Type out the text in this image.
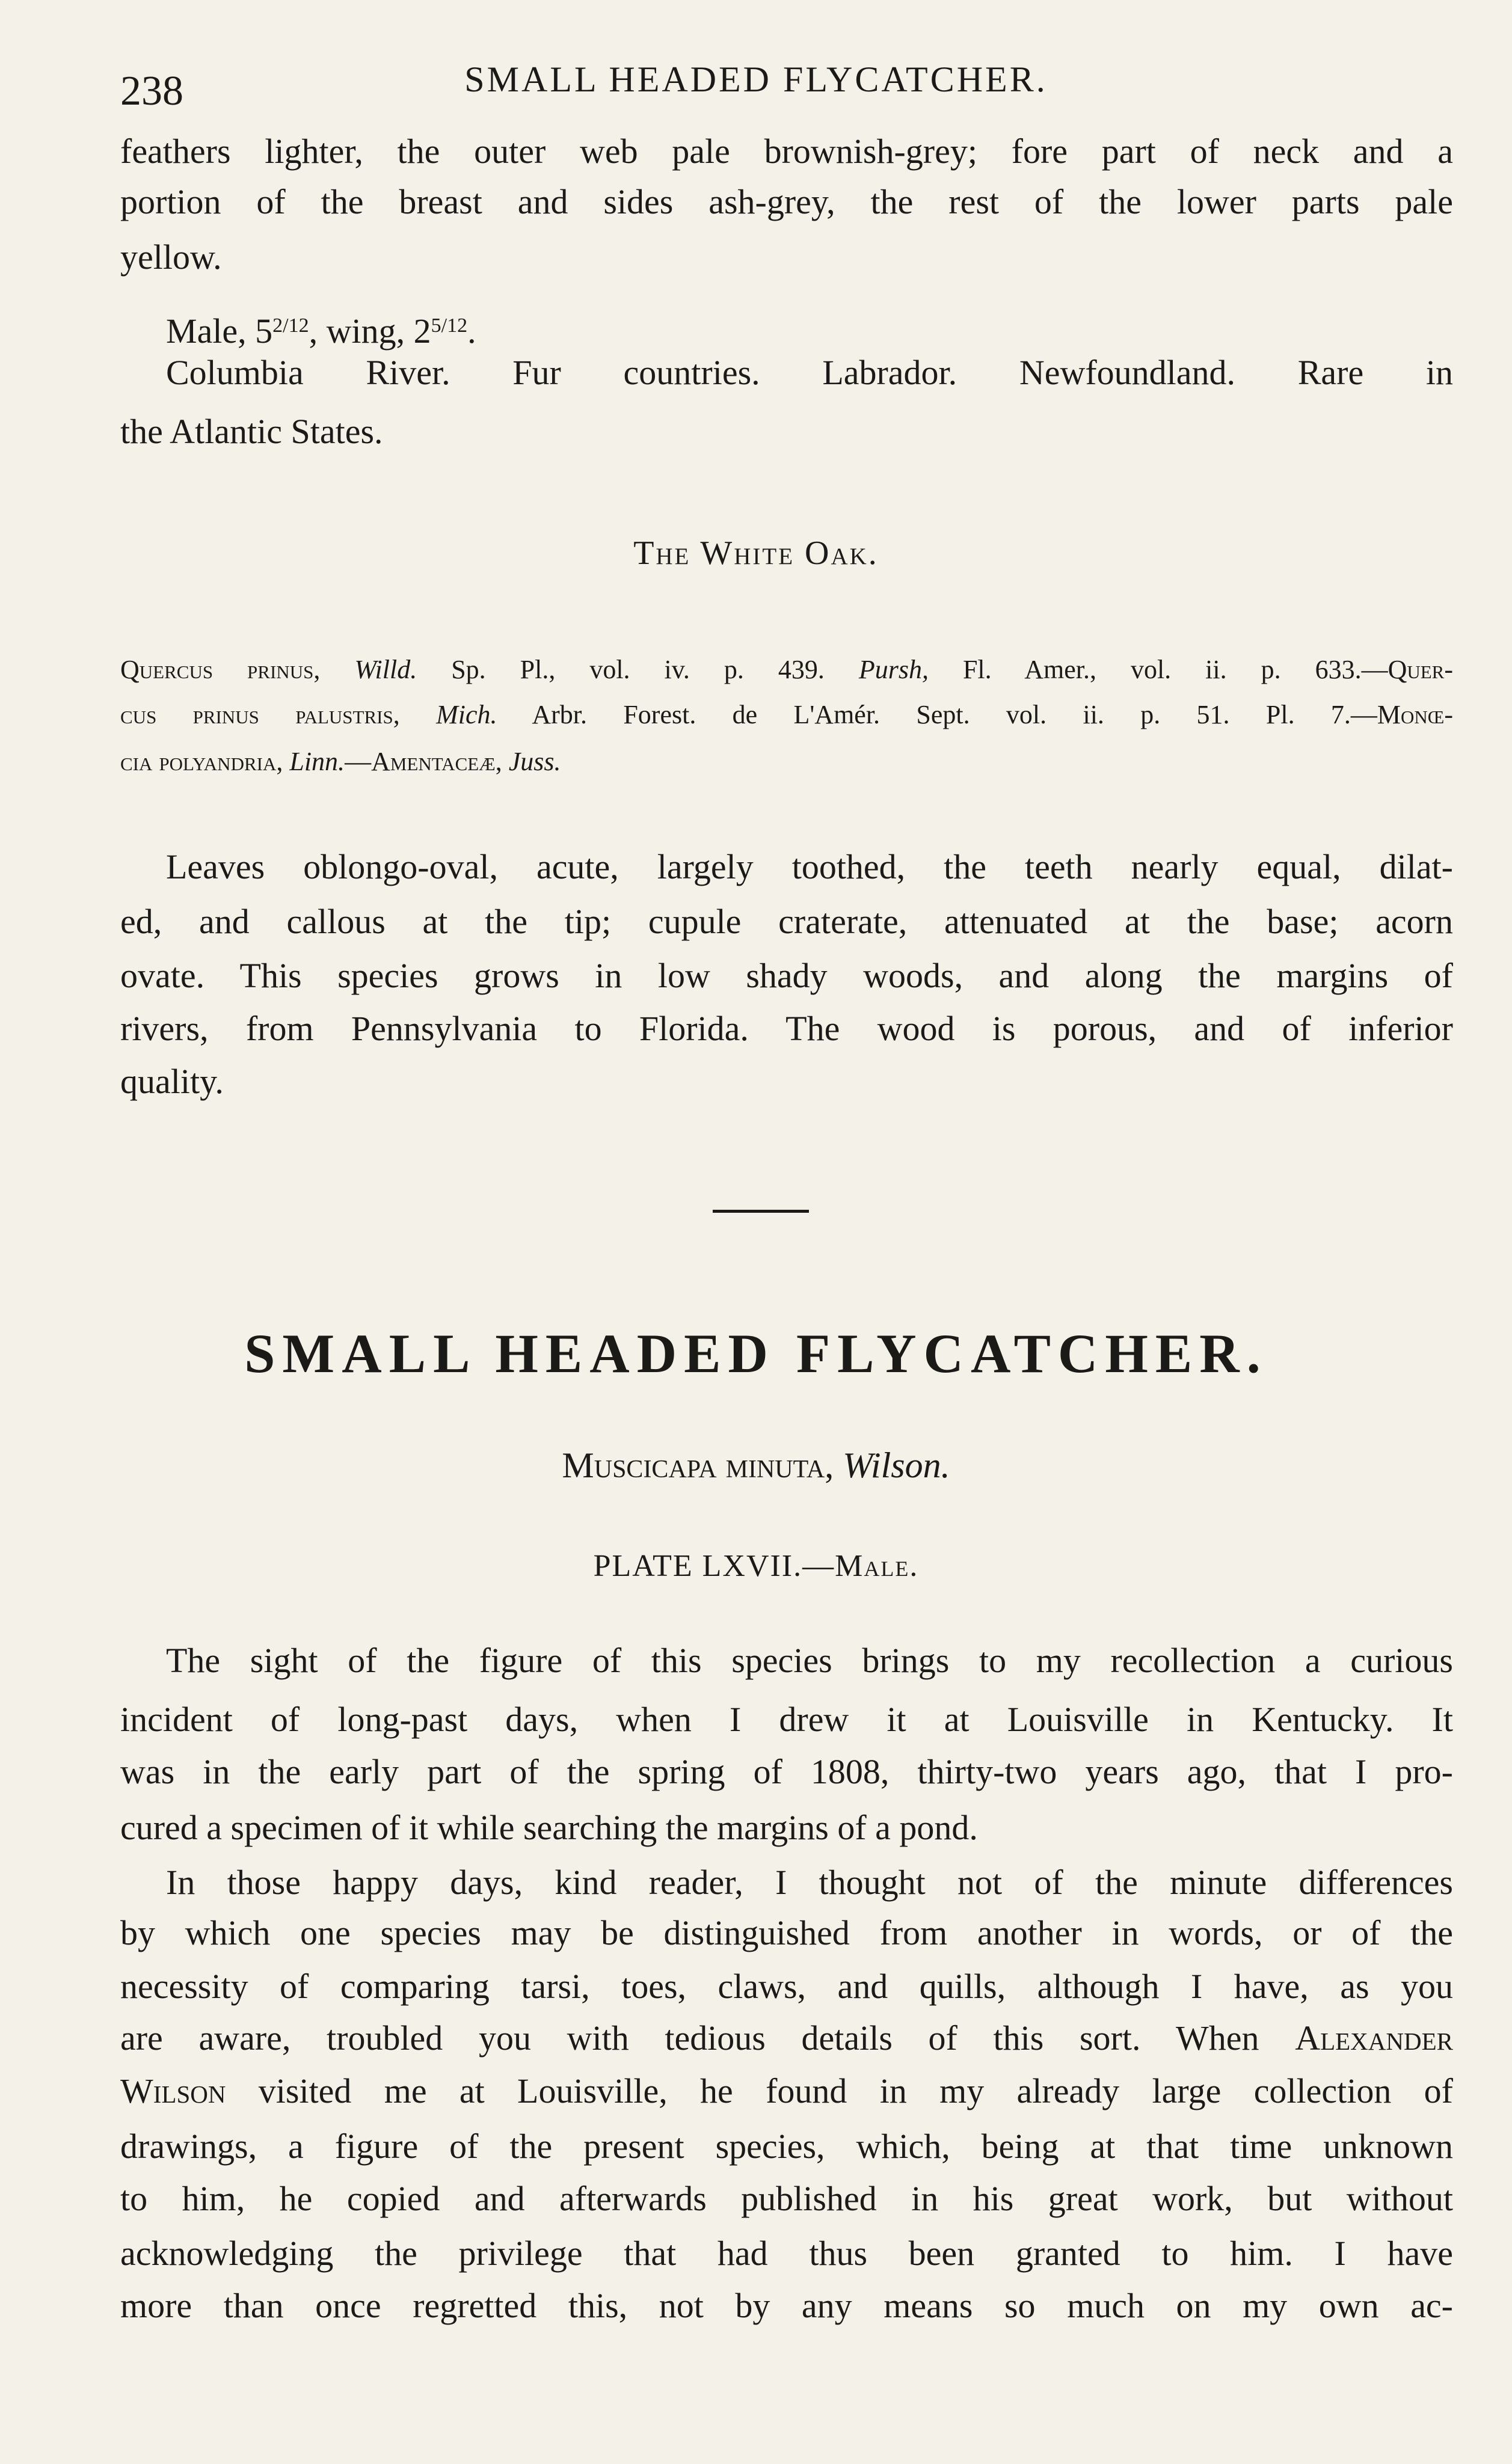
238	SMALL HEADED FLYCATCHER.
feathers lighter, the outer web pale brownish-grey; fore part of neck and a
portion of the breast and sides ash-grey, the rest of the lower parts pale
yellow.
Male, $5^{2/12}$, wing, $2^{5/12}$.
Columbia River. Fur countries. Labrador. Newfoundland. Rare in
the Atlantic States.
The White Oak.
Quercus prinus, Willd. Sp. Pl., vol. iv. p. 439. Pursh, Fl. Amer., vol. ii. p. 633.—Quer-
cus prinus palustris, Mich. Arbr. Forest. de L'Amér. Sept. vol. ii. p. 51. Pl. 7.—Monœ-
cia polyandria, Linn.—Amentaceæ, Juss.
Leaves oblongo-oval, acute, largely toothed, the teeth nearly equal, dilat-
ed, and callous at the tip; cupule craterate, attenuated at the base; acorn
ovate. This species grows in low shady woods, and along the margins of
rivers, from Pennsylvania to Florida. The wood is porous, and of inferior
quality.
SMALL HEADED FLYCATCHER.
Muscicapa minuta, Wilson.
PLATE LXVII.—Male.
The sight of the figure of this species brings to my recollection a curious
incident of long-past days, when I drew it at Louisville in Kentucky. It
was in the early part of the spring of 1808, thirty-two years ago, that I pro-
cured a specimen of it while searching the margins of a pond.
In those happy days, kind reader, I thought not of the minute differences
by which one species may be distinguished from another in words, or of the
necessity of comparing tarsi, toes, claws, and quills, although I have, as you
are aware, troubled you with tedious details of this sort. When Alexander
Wilson visited me at Louisville, he found in my already large collection of
drawings, a figure of the present species, which, being at that time unknown
to him, he copied and afterwards published in his great work, but without
acknowledging the privilege that had thus been granted to him. I have
more than once regretted this, not by any means so much on my own ac-
